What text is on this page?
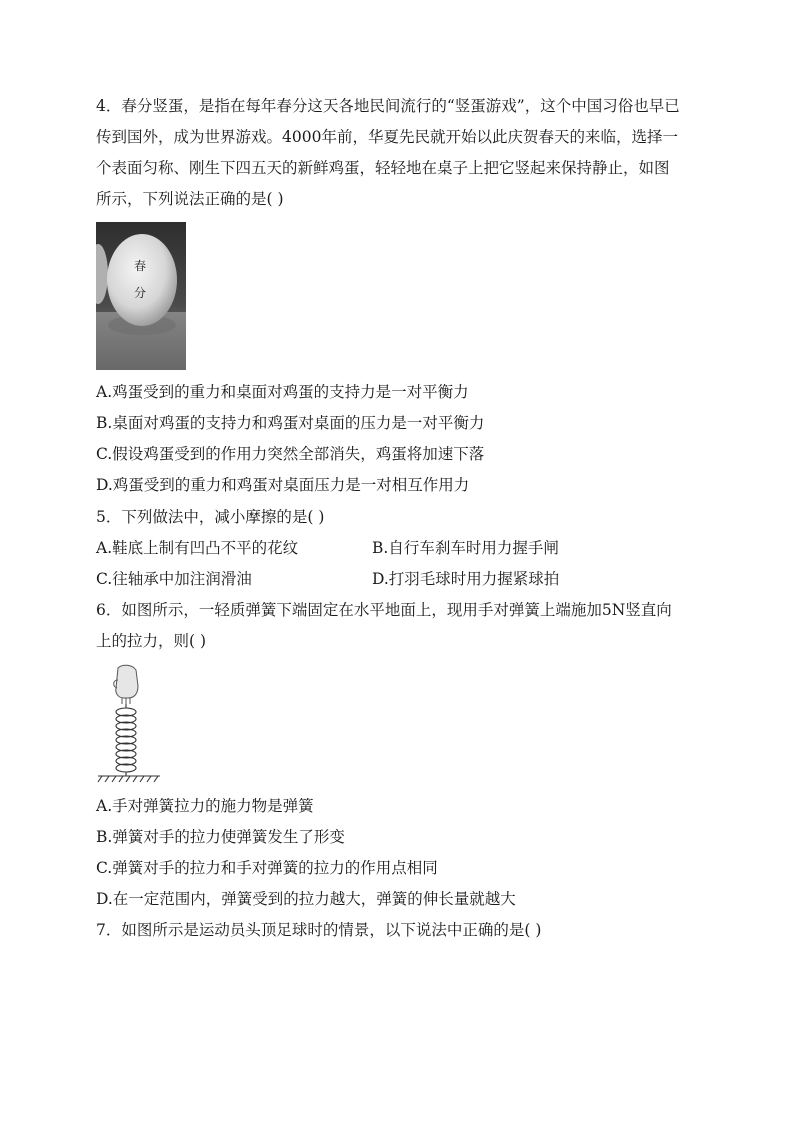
4．春分竖蛋，是指在每年春分这天各地民间流行的“竖蛋游戏”，这个中国习俗也早已
传到国外，成为世界游戏。4000年前，华夏先民就开始以此庆贺春天的来临，选择一
个表面匀称、刚生下四五天的新鲜鸡蛋，轻轻地在桌子上把它竖起来保持静止，如图
所示，下列说法正确的是( )
春
分
A.鸡蛋受到的重力和桌面对鸡蛋的支持力是一对平衡力
B.桌面对鸡蛋的支持力和鸡蛋对桌面的压力是一对平衡力
C.假设鸡蛋受到的作用力突然全部消失，鸡蛋将加速下落
D.鸡蛋受到的重力和鸡蛋对桌面压力是一对相互作用力
5．下列做法中，减小摩擦的是( )
A.鞋底上制有凹凸不平的花纹	B.自行车刹车时用力握手闸
C.往轴承中加注润滑油	D.打羽毛球时用力握紧球拍
6．如图所示，一轻质弹簧下端固定在水平地面上，现用手对弹簧上端施加5N竖直向
上的拉力，则( )
A.手对弹簧拉力的施力物是弹簧
B.弹簧对手的拉力使弹簧发生了形变
C.弹簧对手的拉力和手对弹簧的拉力的作用点相同
D.在一定范围内，弹簧受到的拉力越大，弹簧的伸长量就越大
7．如图所示是运动员头顶足球时的情景，以下说法中正确的是( )
